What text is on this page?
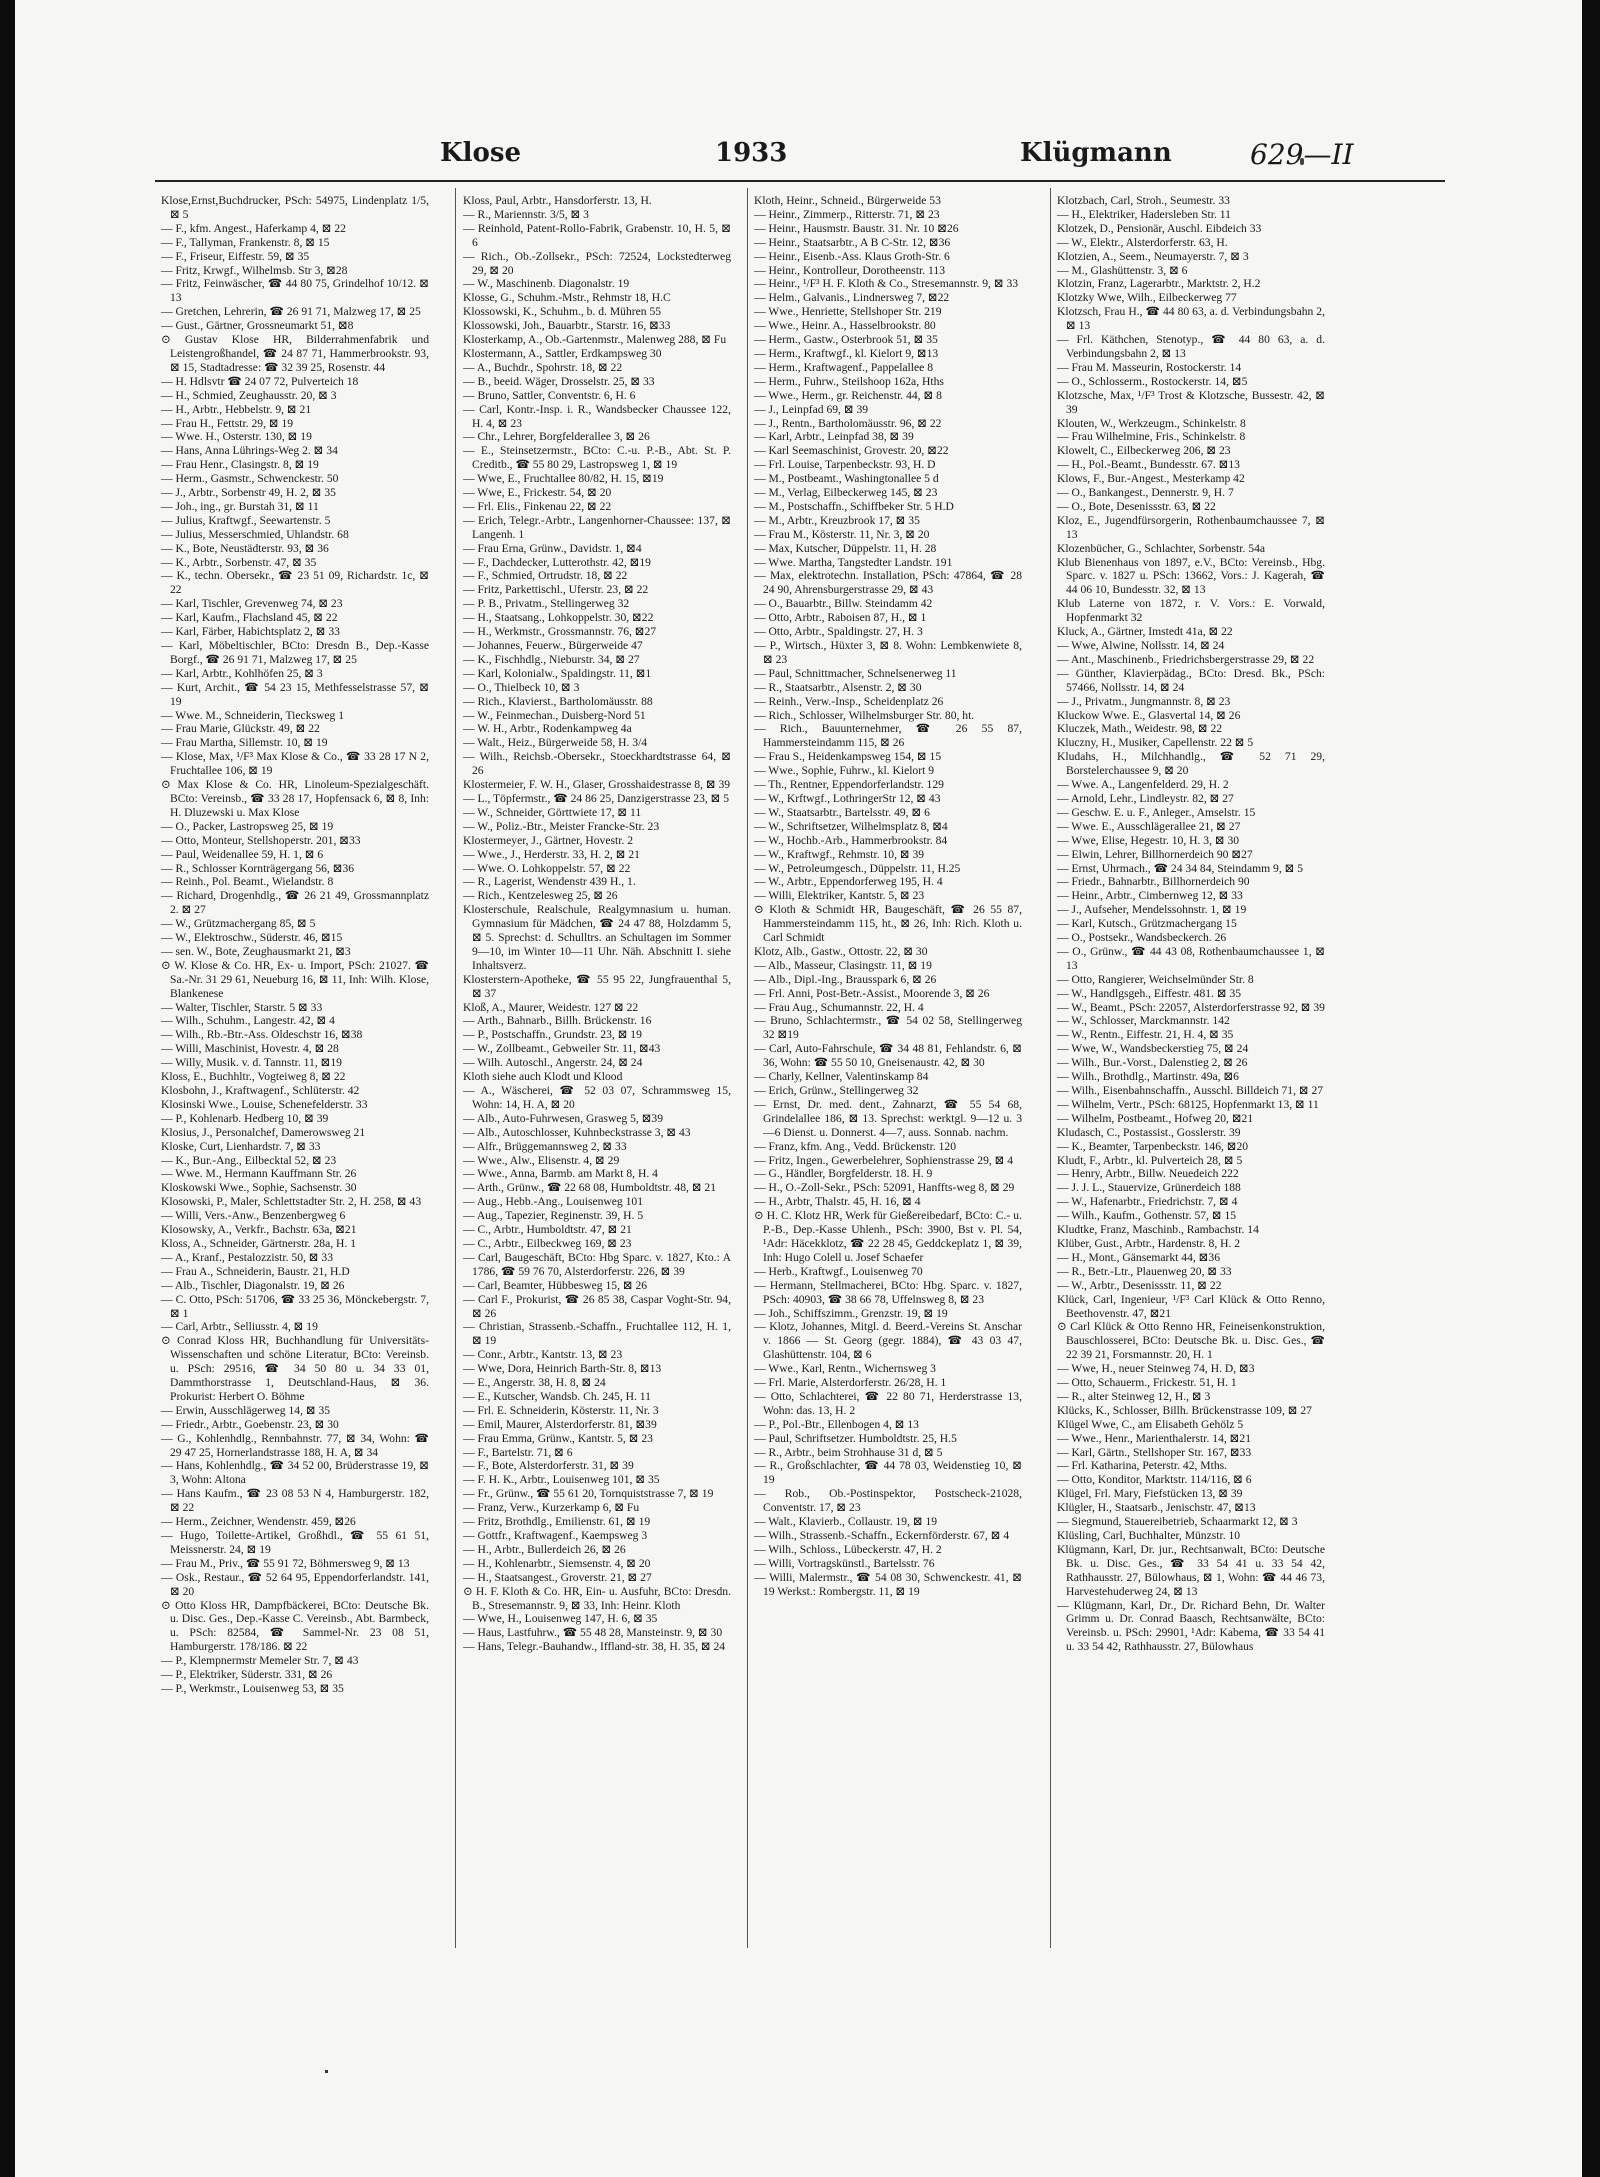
Klose	1933	Klügmann	629—II

Klose,Ernst,Buchdrucker, PSch: 54975, Lindenplatz 1/5, ⊠ 5

— F., kfm. Angest., Haferkamp 4, ⊠ 22

— F., Tallyman, Frankenstr. 8, ⊠ 15

— F., Friseur, Eiffestr. 59, ⊠ 35

— Fritz, Krwgf., Wilhelmsb. Str 3, ⊠28

— Fritz, Feinwäscher, ☎ 44 80 75, Grindelhof 10/12. ⊠ 13

— Gretchen, Lehrerin, ☎ 26 91 71, Malzweg 17, ⊠ 25

— Gust., Gärtner, Grossneumarkt 51, ⊠8

⊙ Gustav Klose HR, Bilderrahmenfabrik und Leistengroßhandel, ☎ 24 87 71, Hammerbrookstr. 93, ⊠ 15, Stadtadresse: ☎ 32 39 25, Rosenstr. 44

— H. Hdlsvtr ☎ 24 07 72, Pulverteich 18

— H., Schmied, Zeughausstr. 20, ⊠ 3

— H., Arbtr., Hebbelstr. 9, ⊠ 21

— Frau H., Fettstr. 29, ⊠ 19

— Wwe. H., Osterstr. 130, ⊠ 19

— Hans, Anna Lührings-Weg 2. ⊠ 34

— Frau Henr., Clasingstr. 8, ⊠ 19

— Herm., Gasmstr., Schwenckestr. 50

— J., Arbtr., Sorbenstr 49, H. 2, ⊠ 35

— Joh., ing., gr. Burstah 31, ⊠ 11

— Julius, Kraftwgf., Seewartenstr. 5

— Julius, Messerschmied, Uhlandstr. 68

— K., Bote, Neustädterstr. 93, ⊠ 36

— K., Arbtr., Sorbenstr. 47, ⊠ 35

— K., techn. Obersekr., ☎ 23 51 09, Richardstr. 1c, ⊠ 22

— Karl, Tischler, Grevenweg 74, ⊠ 23

— Karl, Kaufm., Flachsland 45, ⊠ 22

— Karl, Färber, Habichtsplatz 2, ⊠ 33

— Karl, Möbeltischler, BCto: Dresdn B., Dep.-Kasse Borgf., ☎ 26 91 71, Malzweg 17, ⊠ 25

— Karl, Arbtr., Kohlhöfen 25, ⊠ 3

— Kurt, Archit., ☎ 54 23 15, Methfesselstrasse 57, ⊠ 19

— Wwe. M., Schneiderin, Tiecksweg 1

— Frau Marie, Glückstr. 49, ⊠ 22

— Frau Martha, Sillemstr. 10, ⊠ 19

— Klose, Max, ¹/F³ Max Klose & Co., ☎ 33 28 17 N 2, Fruchtallee 106, ⊠ 19

⊙ Max Klose & Co. HR, Linoleum-Spezialgeschäft. BCto: Vereinsb., ☎ 33 28 17, Hopfensack 6, ⊠ 8, Inh: H. Dluzewski u. Max Klose

— O., Packer, Lastropsweg 25, ⊠ 19

— Otto, Monteur, Stellshoperstr. 201, ⊠33

— Paul, Weidenallee 59, H. 1, ⊠ 6

— R., Schlosser Kornträgergang 56, ⊠36

— Reinh., Pol. Beamt., Wielandstr. 8

— Richard, Drogenhdlg., ☎ 26 21 49, Grossmannplatz 2. ⊠ 27

— W., Grützmachergang 85, ⊠ 5

— W., Elektroschw., Süderstr. 46, ⊠15

— sen. W., Bote, Zeughausmarkt 21, ⊠3

⊙ W. Klose & Co. HR, Ex- u. Import, PSch: 21027. ☎ Sa.-Nr. 31 29 61, Neueburg 16, ⊠ 11, Inh: Wilh. Klose, Blankenese

— Walter, Tischler, Starstr. 5 ⊠ 33

— Wilh., Schuhm., Langestr. 42, ⊠ 4

— Wilh., Rb.-Btr.-Ass. Oldeschstr 16, ⊠38

— Willi, Maschinist, Hovestr. 4, ⊠ 28

— Willy, Musik. v. d. Tannstr. 11, ⊠19

Kloss, E., Buchhltr., Vogteiweg 8, ⊠ 22

Klosbohn, J., Kraftwagenf., Schlüterstr. 42

Klosinski Wwe., Louise, Schenefelderstr. 33

— P., Kohlenarb. Hedberg 10, ⊠ 39

Klosius, J., Personalchef, Damerowsweg 21

Kloske, Curt, Lienhardstr. 7, ⊠ 33

— K., Bur.-Ang., Eilbecktal 52, ⊠ 23

— Wwe. M., Hermann Kauffmann Str. 26

Kloskowski Wwe., Sophie, Sachsenstr. 30

Klosowski, P., Maler, Schlettstadter Str. 2, H. 258, ⊠ 43

— Willi, Vers.-Anw., Benzenbergweg 6

Klosowsky, A., Verkfr., Bachstr. 63a, ⊠21

Kloss, A., Schneider, Gärtnerstr. 28a, H. 1

— A., Kranf., Pestalozzistr. 50, ⊠ 33

— Frau A., Schneiderin, Baustr. 21, H.D

— Alb., Tischler, Diagonalstr. 19, ⊠ 26

— C. Otto, PSch: 51706, ☎ 33 25 36, Mönckebergstr. 7, ⊠ 1

— Carl, Arbtr., Selliusstr. 4, ⊠ 19

⊙ Conrad Kloss HR, Buchhandlung für Universitäts-Wissenschaften und schöne Literatur, BCto: Vereinsb. u. PSch: 29516, ☎ 34 50 80 u. 34 33 01, Dammthorstrasse 1, Deutschland-Haus, ⊠ 36. Prokurist: Herbert O. Böhme

— Erwin, Ausschlägerweg 14, ⊠ 35

— Friedr., Arbtr., Goebenstr. 23, ⊠ 30

— G., Kohlenhdlg., Rennbahnstr. 77, ⊠ 34, Wohn: ☎ 29 47 25, Hornerlandstrasse 188, H. A, ⊠ 34

— Hans, Kohlenhdlg., ☎ 34 52 00, Brüderstrasse 19, ⊠ 3, Wohn: Altona

— Hans Kaufm., ☎ 23 08 53 N 4, Hamburgerstr. 182, ⊠ 22

— Herm., Zeichner, Wendenstr. 459, ⊠26

— Hugo, Toilette-Artikel, Großhdl., ☎ 55 61 51, Meissnerstr. 24, ⊠ 19

— Frau M., Priv., ☎ 55 91 72, Böhmersweg 9, ⊠ 13

— Osk., Restaur., ☎ 52 64 95, Eppendorferlandstr. 141, ⊠ 20

⊙ Otto Kloss HR, Dampfbäckerei, BCto: Deutsche Bk. u. Disc. Ges., Dep.-Kasse C. Vereinsb., Abt. Barmbeck, u. PSch: 82584, ☎ Sammel-Nr. 23 08 51, Hamburgerstr. 178/186. ⊠ 22

— P., Klempnermstr Memeler Str. 7, ⊠ 43

— P., Elektriker, Süderstr. 331, ⊠ 26

— P., Werkmstr., Louisenweg 53, ⊠ 35

Kloss, Paul, Arbtr., Hansdorferstr. 13, H.

— R., Mariennstr. 3/5, ⊠ 3

— Reinhold, Patent-Rollo-Fabrik, Grabenstr. 10, H. 5, ⊠ 6

— Rich., Ob.-Zollsekr., PSch: 72524, Lockstedterweg 29, ⊠ 20

— W., Maschinenb. Diagonalstr. 19

Klosse, G., Schuhm.-Mstr., Rehmstr 18, H.C

Klossowski, K., Schuhm., b. d. Mühren 55

Klossowski, Joh., Bauarbtr., Starstr. 16, ⊠33

Klosterkamp, A., Ob.-Gartenmstr., Malenweg 288, ⊠ Fu

Klostermann, A., Sattler, Erdkampsweg 30

— A., Buchdr., Spohrstr. 18, ⊠ 22

— B., beeid. Wäger, Drosselstr. 25, ⊠ 33

— Bruno, Sattler, Conventstr. 6, H. 6

— Carl, Kontr.-Insp. i. R., Wandsbecker Chaussee 122, H. 4, ⊠ 23

— Chr., Lehrer, Borgfelderallee 3, ⊠ 26

— E., Steinsetzermstr., BCto: C.-u. P.-B., Abt. St. P. Creditb., ☎ 55 80 29, Lastropsweg 1, ⊠ 19

— Wwe, E., Fruchtallee 80/82, H. 15, ⊠19

— Wwe, E., Frickestr. 54, ⊠ 20

— Frl. Elis., Finkenau 22, ⊠ 22

— Erich, Telegr.-Arbtr., Langenhorner-Chaussee: 137, ⊠ Langenh. 1

— Frau Erna, Grünw., Davidstr. 1, ⊠4

— F., Dachdecker, Lutterothstr. 42, ⊠19

— F., Schmied, Ortrudstr. 18, ⊠ 22

— Fritz, Parkettischl., Uferstr. 23, ⊠ 22

— P. B., Privatm., Stellingerweg 32

— H., Staatsang., Lohkoppelstr. 30, ⊠22

— H., Werkmstr., Grossmannstr. 76, ⊠27

— Johannes, Feuerw., Bürgerweide 47

— K., Fischhdlg., Nieburstr. 34, ⊠ 27

— Karl, Kolonialw., Spaldingstr. 11, ⊠1

— O., Thielbeck 10, ⊠ 3

— Rich., Klavierst., Bartholomäusstr. 88

— W., Feinmechan., Duisberg-Nord 51

— W. H., Arbtr., Rodenkampweg 4a

— Walt., Heiz., Bürgerweide 58, H. 3/4

— Wilh., Reichsb.-Obersekr., Stoeckhardtstrasse 64, ⊠ 26

Klostermeier, F. W. H., Glaser, Grosshaidestrasse 8, ⊠ 39

— L., Töpfermstr., ☎ 24 86 25, Danzigerstrasse 23, ⊠ 5

— W., Schneider, Görttwiete 17, ⊠ 11

— W., Poliz.-Btr., Meister Francke-Str. 23

Klostermeyer, J., Gärtner, Hovestr. 2

— Wwe., J., Herderstr. 33, H. 2, ⊠ 21

— Wwe. O. Lohkoppelstr. 57, ⊠ 22

— R., Lagerist, Wendenstr 439 H., 1.

— Rich., Kentzelesweg 25, ⊠ 26

Klosterschule, Realschule, Realgymnasium u. human. Gymnasium für Mädchen, ☎ 24 47 88, Holzdamm 5, ⊠ 5. Sprechst: d. Schulltrs. an Schultagen im Sommer 9—10, im Winter 10—11 Uhr. Näh. Abschnitt I. siehe Inhaltsverz.

Klosterstern-Apotheke, ☎ 55 95 22, Jungfrauenthal 5, ⊠ 37

Kloß, A., Maurer, Weidestr. 127 ⊠ 22

— Arth., Bahnarb., Billh. Brückenstr. 16

— P., Postschaffn., Grundstr. 23, ⊠ 19

— W., Zollbeamt., Gebweiler Str. 11, ⊠43

— Wilh. Autoschl., Angerstr. 24, ⊠ 24

Kloth siehe auch Klodt und Klood

— A., Wäscherei, ☎ 52 03 07, Schrammsweg 15, Wohn: 14, H. A, ⊠ 20

— Alb., Auto-Fuhrwesen, Grasweg 5, ⊠39

— Alb., Autoschlosser, Kuhnbeckstrasse 3, ⊠ 43

— Alfr., Brüggemannsweg 2, ⊠ 33

— Wwe., Alw., Elisenstr. 4, ⊠ 29

— Wwe., Anna, Barmb. am Markt 8, H. 4

— Arth., Grünw., ☎ 22 68 08, Humboldtstr. 48, ⊠ 21

— Aug., Hebb.-Ang., Louisenweg 101

— Aug., Tapezier, Reginenstr. 39, H. 5

— C., Arbtr., Humboldtstr. 47, ⊠ 21

— C., Arbtr., Eilbeckweg 169, ⊠ 23

— Carl, Baugeschäft, BCto: Hbg Sparc. v. 1827, Kto.: A 1786, ☎ 59 76 70, Alsterdorferstr. 226, ⊠ 39

— Carl, Beamter, Hübbesweg 15, ⊠ 26

— Carl F., Prokurist, ☎ 26 85 38, Caspar Voght-Str. 94, ⊠ 26

— Christian, Strassenb.-Schaffn., Fruchtallee 112, H. 1, ⊠ 19

— Conr., Arbtr., Kantstr. 13, ⊠ 23

— Wwe, Dora, Heinrich Barth-Str. 8, ⊠13

— E., Angerstr. 38, H. 8, ⊠ 24

— E., Kutscher, Wandsb. Ch. 245, H. 11

— Frl. E. Schneiderin, Kösterstr. 11, Nr. 3

— Emil, Maurer, Alsterdorferstr. 81, ⊠39

— Frau Emma, Grünw., Kantstr. 5, ⊠ 23

— F., Bartelstr. 71, ⊠ 6

— F., Bote, Alsterdorferstr. 31, ⊠ 39

— F. H. K., Arbtr., Louisenweg 101, ⊠ 35

— Fr., Grünw., ☎ 55 61 20, Tornquiststrasse 7, ⊠ 19

— Franz, Verw., Kurzerkamp 6, ⊠ Fu

— Fritz, Brothdlg., Emilienstr. 61, ⊠ 19

— Gottfr., Kraftwagenf., Kaempsweg 3

— H., Arbtr., Bullerdeich 26, ⊠ 26

— H., Kohlenarbtr., Siemsenstr. 4, ⊠ 20

— H., Staatsangest., Groverstr. 21, ⊠ 27

⊙ H. F. Kloth & Co. HR, Ein- u. Ausfuhr, BCto: Dresdn. B., Stresemannstr. 9, ⊠ 33, Inh: Heinr. Kloth

— Wwe, H., Louisenweg 147, H. 6, ⊠ 35

— Haus, Lastfuhrw., ☎ 55 48 28, Mansteinstr. 9, ⊠ 30

— Hans, Telegr.-Bauhandw., Iffland-str. 38, H. 35, ⊠ 24

Kloth, Heinr., Schneid., Bürgerweide 53

— Heinr., Zimmerp., Ritterstr. 71, ⊠ 23

— Heinr., Hausmstr. Baustr. 31. Nr. 10 ⊠26

— Heinr., Staatsarbtr., A B C-Str. 12, ⊠36

— Heinr., Eisenb.-Ass. Klaus Groth-Str. 6

— Heinr., Kontrolleur, Dorotheenstr. 113

— Heinr., ¹/F³ H. F. Kloth & Co., Stresemannstr. 9, ⊠ 33

— Helm., Galvanis., Lindnersweg 7, ⊠22

— Wwe., Henriette, Stellshoper Str. 219

— Wwe., Heinr. A., Hasselbrookstr. 80

— Herm., Gastw., Osterbrook 51, ⊠ 35

— Herm., Kraftwgf., kl. Kielort 9, ⊠13

— Herm., Kraftwagenf., Pappelallee 8

— Herm., Fuhrw., Steilshoop 162a, Hths

— Wwe., Herm., gr. Reichenstr. 44, ⊠ 8

— J., Leinpfad 69, ⊠ 39

— J., Rentn., Bartholomäusstr. 96, ⊠ 22

— Karl, Arbtr., Leinpfad 38, ⊠ 39

— Karl Seemaschinist, Grovestr. 20, ⊠22

— Frl. Louise, Tarpenbeckstr. 93, H. D

— M., Postbeamt., Washingtonallee 5 d

— M., Verlag, Eilbeckerweg 145, ⊠ 23

— M., Postschaffn., Schiffbeker Str. 5 H.D

— M., Arbtr., Kreuzbrook 17, ⊠ 35

— Frau M., Kösterstr. 11, Nr. 3, ⊠ 20

— Max, Kutscher, Düppelstr. 11, H. 28

— Wwe. Martha, Tangstedter Landstr. 191

— Max, elektrotechn. Installation, PSch: 47864, ☎ 28 24 90, Ahrensburgerstrasse 29, ⊠ 43

— O., Bauarbtr., Billw. Steindamm 42

— Otto, Arbtr., Raboisen 87, H., ⊠ 1

— Otto, Arbtr., Spaldingstr. 27, H. 3

— P., Wirtsch., Hüxter 3, ⊠ 8. Wohn: Lembkenwiete 8, ⊠ 23

— Paul, Schnittmacher, Schnelsenerweg 11

— R., Staatsarbtr., Alsenstr. 2, ⊠ 30

— Reinh., Verw.-Insp., Scheidenplatz 26

— Rich., Schlosser, Wilhelmsburger Str. 80, ht.

— Rich., Bauunternehmer, ☎ 26 55 87, Hammersteindamm 115, ⊠ 26

— Frau S., Heidenkampsweg 154, ⊠ 15

— Wwe., Sophie, Fuhrw., kl. Kielort 9

— Th., Rentner, Eppendorferlandstr. 129

— W., Krftwgf., LothringerStr 12, ⊠ 43

— W., Staatsarbtr., Bartelsstr. 49, ⊠ 6

— W., Schriftsetzer, Wilhelmsplatz 8, ⊠4

— W., Hochb.-Arb., Hammerbrookstr. 84

— W., Kraftwgf., Rehmstr. 10, ⊠ 39

— W., Petroleumgesch., Düppelstr. 11, H.25

— W., Arbtr., Eppendorferweg 195, H. 4

— Willi, Elektriker, Kantstr. 5, ⊠ 23

⊙ Kloth & Schmidt HR, Baugeschäft, ☎ 26 55 87, Hammersteindamm 115, ht., ⊠ 26, Inh: Rich. Kloth u. Carl Schmidt

Klotz, Alb., Gastw., Ottostr. 22, ⊠ 30

— Alb., Masseur, Clasingstr. 11, ⊠ 19

— Alb., Dipl.-Ing., Brausspark 6, ⊠ 26

— Frl. Anni, Post-Betr.-Assist., Moorende 3, ⊠ 26

— Frau Aug., Schumannstr. 22, H. 4

— Bruno, Schlachtermstr., ☎ 54 02 58, Stellingerweg 32 ⊠19

— Carl, Auto-Fahrschule, ☎ 34 48 81, Fehlandstr. 6, ⊠ 36, Wohn: ☎ 55 50 10, Gneisenaustr. 42, ⊠ 30

— Charly, Kellner, Valentinskamp 84

— Erich, Grünw., Stellingerweg 32

— Ernst, Dr. med. dent., Zahnarzt, ☎ 55 54 68, Grindelallee 186, ⊠ 13. Sprechst: werktgl. 9—12 u. 3—6 Dienst. u. Donnerst. 4—7, auss. Sonnab. nachm.

— Franz, kfm. Ang., Vedd. Brückenstr. 120

— Fritz, Ingen., Gewerbelehrer, Sophienstrasse 29, ⊠ 4

— G., Händler, Borgfelderstr. 18. H. 9

— H., O.-Zoll-Sekr., PSch: 52091, Hanffts-weg 8, ⊠ 29

— H., Arbtr, Thalstr. 45, H. 16, ⊠ 4

⊙ H. C. Klotz HR, Werk für Gießereibedarf, BCto: C.- u. P.-B., Dep.-Kasse Uhlenh., PSch: 3900, Bst v. Pl. 54, ¹Adr: Häcekklotz, ☎ 22 28 45, Geddckeplatz 1, ⊠ 39, Inh: Hugo Colell u. Josef Schaefer

— Herb., Kraftwgf., Louisenweg 70

— Hermann, Stellmacherei, BCto: Hbg. Sparc. v. 1827, PSch: 40903, ☎ 38 66 78, Uffelnsweg 8, ⊠ 23

— Joh., Schiffszimm., Grenzstr. 19, ⊠ 19

— Klotz, Johannes, Mitgl. d. Beerd.-Vereins St. Anschar v. 1866 — St. Georg (gegr. 1884), ☎ 43 03 47, Glashüttenstr. 104, ⊠ 6

— Wwe., Karl, Rentn., Wichernsweg 3

— Frl. Marie, Alsterdorferstr. 26/28, H. 1

— Otto, Schlachterei, ☎ 22 80 71, Herderstrasse 13, Wohn: das. 13, H. 2

— P., Pol.-Btr., Ellenbogen 4, ⊠ 13

— Paul, Schriftsetzer. Humboldtstr. 25, H.5

— R., Arbtr., beim Strohhause 31 d, ⊠ 5

— R., Großschlachter, ☎ 44 78 03, Weidenstieg 10, ⊠ 19

— Rob., Ob.-Postinspektor, Postscheck-21028, Conventstr. 17, ⊠ 23

— Walt., Klavierb., Collaustr. 19, ⊠ 19

— Wilh., Strassenb.-Schaffn., Eckernförderstr. 67, ⊠ 4

— Wilh., Schloss., Lübeckerstr. 47, H. 2

— Willi, Vortragskünstl., Bartelsstr. 76

— Willi, Malermstr., ☎ 54 08 30, Schwenckestr. 41, ⊠ 19 Werkst.: Rombergstr. 11, ⊠ 19

Klotzbach, Carl, Stroh., Seumestr. 33

— H., Elektriker, Hadersleben Str. 11

Klotzek, D., Pensionär, Auschl. Eibdeich 33

— W., Elektr., Alsterdorferstr. 63, H.

Klotzien, A., Seem., Neumayerstr. 7, ⊠ 3

— M., Glashüttenstr. 3, ⊠ 6

Klotzin, Franz, Lagerarbtr., Marktstr. 2, H.2

Klotzky Wwe, Wilh., Eilbeckerweg 77

Klotzsch, Frau H., ☎ 44 80 63, a. d. Verbindungsbahn 2, ⊠ 13

— Frl. Käthchen, Stenotyp., ☎ 44 80 63, a. d. Verbindungsbahn 2, ⊠ 13

— Frau M. Masseurin, Rostockerstr. 14

— O., Schlosserm., Rostockerstr. 14, ⊠5

Klotzsche, Max, ¹/F³ Trost & Klotzsche, Bussestr. 42, ⊠ 39

Klouten, W., Werkzeugm., Schinkelstr. 8

— Frau Wilhelmine, Fris., Schinkelstr. 8

Klowelt, C., Eilbeckerweg 206, ⊠ 23

— H., Pol.-Beamt., Bundesstr. 67. ⊠13

Klows, F., Bur.-Angest., Mesterkamp 42

— O., Bankangest., Dennerstr. 9, H. 7

— O., Bote, Desenissstr. 63, ⊠ 22

Kloz, E., Jugendfürsorgerin, Rothenbaumchaussee 7, ⊠ 13

Klozenbücher, G., Schlachter, Sorbenstr. 54a

Klub Bienenhaus von 1897, e.V., BCto: Vereinsb., Hbg. Sparc. v. 1827 u. PSch: 13662, Vors.: J. Kagerah, ☎ 44 06 10, Bundesstr. 32, ⊠ 13

Klub Laterne von 1872, r. V. Vors.: E. Vorwald, Hopfenmarkt 32

Kluck, A., Gärtner, Imstedt 41a, ⊠ 22

— Wwe, Alwine, Nollsstr. 14, ⊠ 24

— Ant., Maschinenb., Friedrichsbergerstrasse 29, ⊠ 22

— Günther, Klavierpädag., BCto: Dresd. Bk., PSch: 57466, Nollsstr. 14, ⊠ 24

— J., Privatm., Jungmannstr. 8, ⊠ 23

Kluckow Wwe. E., Glasvertal 14, ⊠ 26

Kluczek, Math., Weidestr. 98, ⊠ 22

Kluczny, H., Musiker, Capellenstr. 22 ⊠ 5

Kludahs, H., Milchhandlg., ☎ 52 71 29, Borstelerchaussee 9, ⊠ 20

— Wwe. A., Langenfelderd. 29, H. 2

— Arnold, Lehr., Lindleystr. 82, ⊠ 27

— Geschw. E. u. F., Anleger., Amselstr. 15

— Wwe. E., Ausschlägerallee 21, ⊠ 27

— Wwe, Elise, Hegestr. 10, H. 3, ⊠ 30

— Elwin, Lehrer, Billhornerdeich 90 ⊠27

— Ernst, Uhrmach., ☎ 24 34 84, Steindamm 9, ⊠ 5

— Friedr., Bahnarbtr., Billhornerdeich 90

— Heinr., Arbtr., Cimbernweg 12, ⊠ 33

— J., Aufseher, Mendelssohnstr. 1, ⊠ 19

— Karl, Kutsch., Grützmachergang 15

— O., Postsekr., Wandsbeckerch. 26

— O., Grünw., ☎ 44 43 08, Rothenbaumchaussee 1, ⊠ 13

— Otto, Rangierer, Weichselmünder Str. 8

— W., Handlgsgeh., Eiffestr. 481. ⊠ 35

— W., Beamt., PSch: 22057, Alsterdorferstrasse 92, ⊠ 39

— W., Schlosser, Marckmannstr. 142

— W., Rentn., Eiffestr. 21, H. 4, ⊠ 35

— Wwe, W., Wandsbeckerstieg 75, ⊠ 24

— Wilh., Bur.-Vorst., Dalenstieg 2, ⊠ 26

— Wilh., Brothdlg., Martinstr. 49a, ⊠6

— Wilh., Eisenbahnschaffn., Ausschl. Billdeich 71, ⊠ 27

— Wilhelm, Vertr., PSch: 68125, Hopfenmarkt 13, ⊠ 11

— Wilhelm, Postbeamt., Hofweg 20, ⊠21

Kludasch, C., Postassist., Gosslerstr. 39

— K., Beamter, Tarpenbeckstr. 146, ⊠20

Kludt, F., Arbtr., kl. Pulverteich 28, ⊠ 5

— Henry, Arbtr., Billw. Neuedeich 222

— J. J. L., Stauervize, Grünerdeich 188

— W., Hafenarbtr., Friedrichstr. 7, ⊠ 4

— Wilh., Kaufm., Gothenstr. 57, ⊠ 15

Kludtke, Franz, Maschinb., Rambachstr. 14

Klüber, Gust., Arbtr., Hardenstr. 8, H. 2

— H., Mont., Gänsemarkt 44, ⊠36

— R., Betr.-Ltr., Plauenweg 20, ⊠ 33

— W., Arbtr., Desenissstr. 11, ⊠ 22

Klück, Carl, Ingenieur, ¹/F³ Carl Klück & Otto Renno, Beethovenstr. 47, ⊠21

⊙ Carl Klück & Otto Renno HR, Feineisenkonstruktion, Bauschlosserei, BCto: Deutsche Bk. u. Disc. Ges., ☎ 22 39 21, Forsmannstr. 20, H. 1

— Wwe, H., neuer Steinweg 74, H. D, ⊠3

— Otto, Schauerm., Frickestr. 51, H. 1

— R., alter Steinweg 12, H., ⊠ 3

Klücks, K., Schlosser, Billh. Brückenstrasse 109, ⊠ 27

Klügel Wwe, C., am Elisabeth Gehölz 5

— Wwe., Henr., Marienthalerstr. 14, ⊠21

— Karl, Gärtn., Stellshoper Str. 167, ⊠33

— Frl. Katharina, Peterstr. 42, Mths.

— Otto, Konditor, Marktstr. 114/116, ⊠ 6

Klügel, Frl. Mary, Fiefstücken 13, ⊠ 39

Klügler, H., Staatsarb., Jenischstr. 47, ⊠13

— Siegmund, Stauereibetrieb, Schaarmarkt 12, ⊠ 3

Klüsling, Carl, Buchhalter, Münzstr. 10

Klügmann, Karl, Dr. jur., Rechtsanwalt, BCto: Deutsche Bk. u. Disc. Ges., ☎ 33 54 41 u. 33 54 42, Rathhausstr. 27, Bülowhaus, ⊠ 1, Wohn: ☎ 44 46 73, Harvestehuderweg 24, ⊠ 13

— Klügmann, Karl, Dr., Dr. Richard Behn, Dr. Walter Grimm u. Dr. Conrad Baasch, Rechtsanwälte, BCto: Vereinsb. u. PSch: 29901, ¹Adr: Kabema, ☎ 33 54 41 u. 33 54 42, Rathhausstr. 27, Bülowhaus
